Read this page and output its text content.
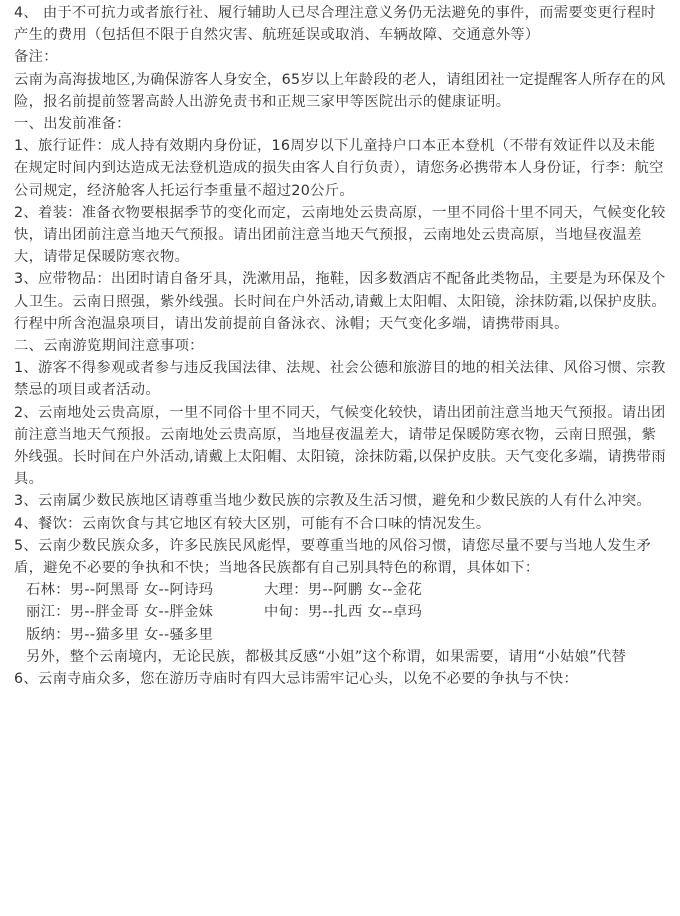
4、 由于不可抗力或者旅行社、履行辅助人已尽合理注意义务仍无法避免的事件，而需要变更行程时产生的费用（包括但不限于自然灾害、航班延误或取消、车辆故障、交通意外等）

备注：

云南为高海拔地区,为确保游客人身安全，65岁以上年龄段的老人，请组团社一定提醒客人所存在的风险，报名前提前签署高龄人出游免责书和正规三家甲等医院出示的健康证明。

一、出发前准备：

1、旅行证件：成人持有效期内身份证，16周岁以下儿童持户口本正本登机（不带有效证件以及未能在规定时间内到达造成无法登机造成的损失由客人自行负责），请您务必携带本人身份证，行李：航空公司规定，经济舱客人托运行李重量不超过20公斤。

2、着装：准备衣物要根据季节的变化而定，云南地处云贵高原，一里不同俗十里不同天，气候变化较快，请出团前注意当地天气预报。请出团前注意当地天气预报，云南地处云贵高原，当地昼夜温差大，请带足保暖防寒衣物。

3、应带物品：出团时请自备牙具，洗漱用品，拖鞋，因多数酒店不配备此类物品，主要是为环保及个人卫生。云南日照强，紫外线强。长时间在户外活动,请戴上太阳帽、太阳镜，涂抹防霜,以保护皮肤。行程中所含泡温泉项目，请出发前提前自备泳衣、泳帽；天气变化多端，请携带雨具。

二、云南游览期间注意事项：

1、游客不得参观或者参与违反我国法律、法规、社会公德和旅游目的地的相关法律、风俗习惯、宗教禁忌的项目或者活动。

2、云南地处云贵高原，一里不同俗十里不同天，气候变化较快，请出团前注意当地天气预报。请出团前注意当地天气预报。云南地处云贵高原，当地昼夜温差大，请带足保暖防寒衣物，云南日照强，紫外线强。长时间在户外活动,请戴上太阳帽、太阳镜，涂抹防霜,以保护皮肤。天气变化多端，请携带雨具。

3、云南属少数民族地区请尊重当地少数民族的宗教及生活习惯，避免和少数民族的人有什么冲突。

4、餐饮：云南饮食与其它地区有较大区别，可能有不合口味的情况发生。

5、云南少数民族众多，许多民族民风彪悍，要尊重当地的风俗习惯，请您尽量不要与当地人发生矛盾，避免不必要的争执和不快；当地各民族都有自己别具特色的称谓，具体如下：

石林：男--阿黑哥 女--阿诗玛	大理：男--阿鹏 女--金花
丽江：男--胖金哥 女--胖金妹	中甸：男--扎西 女--卓玛
版纳：男--猫多里 女--骚多里

另外，整个云南境内，无论民族，都极其反感“小姐”这个称谓，如果需要，请用“小姑娘”代替

6、云南寺庙众多，您在游历寺庙时有四大忌讳需牢记心头，以免不必要的争执与不快：
